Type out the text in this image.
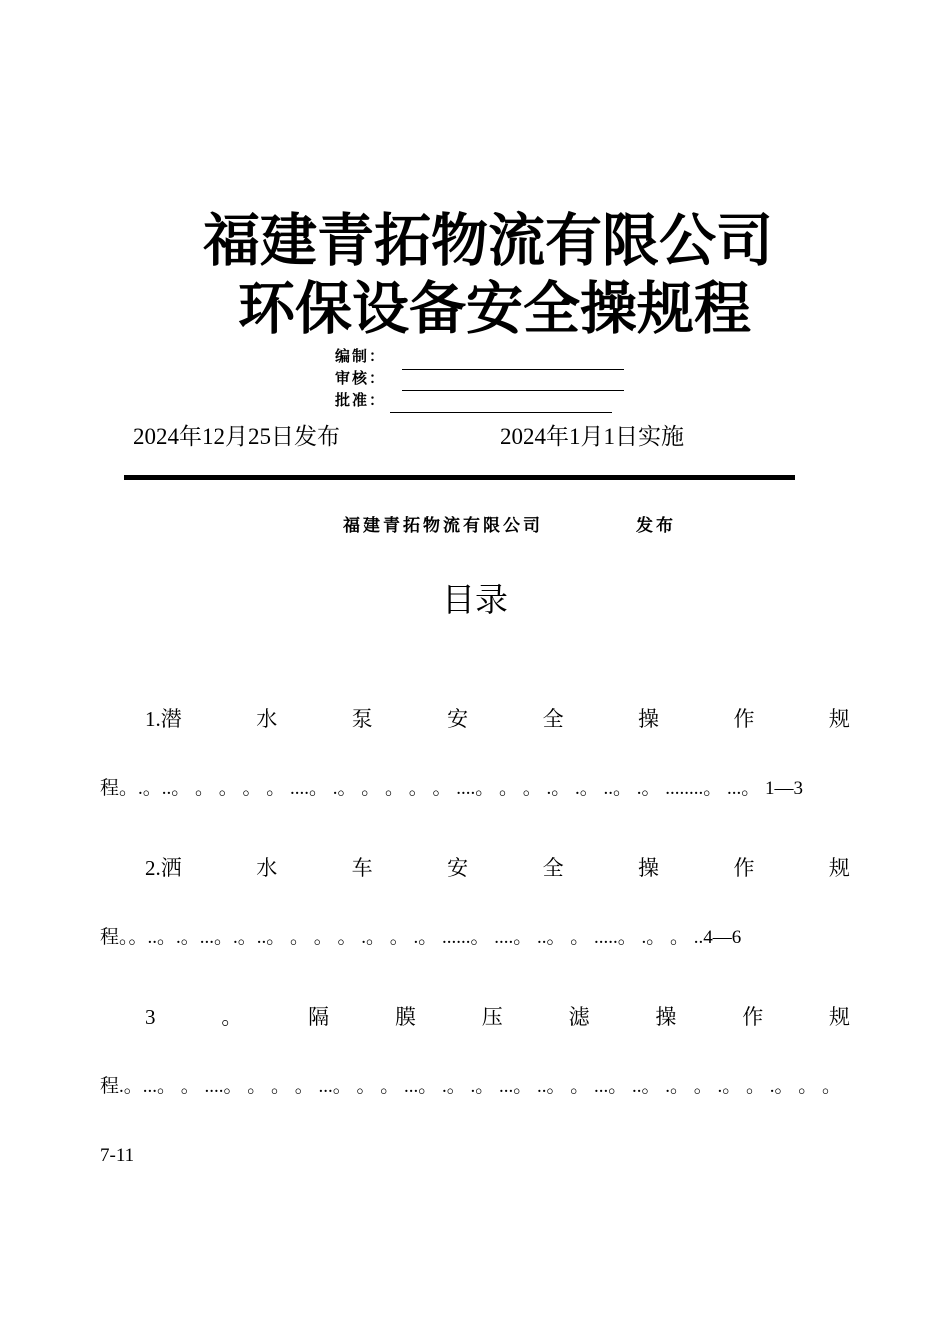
福建青拓物流有限公司
环保设备安全操规程
编制：
审核：
批准：
2024年12月25日发布	2024年1月1日实施
福建青拓物流有限公司	发布
目录
1.潜	水	泵	安	全	操	作	规
程。.。..。 。 。 。 。 ....。 .。 。 。 。 。 ....。 。 。 .。 .。 ..。 .。 ........。 ...。 1—3
2.洒	水	车	安	全	操	作	规
程。。..。.。...。.。..。 。 。 。 .。 。 .。 ......。 ....。 ..。 。 .....。 .。 。 ..4—6
3	。	隔	膜	压	滤	操	作	规
程.。...。 。 ....。 。 。 。 ...。 。 。 ...。 .。 .。 ...。 ..。 。 ...。 ..。 .。 。 .。 。 .。 。 。
7-11
